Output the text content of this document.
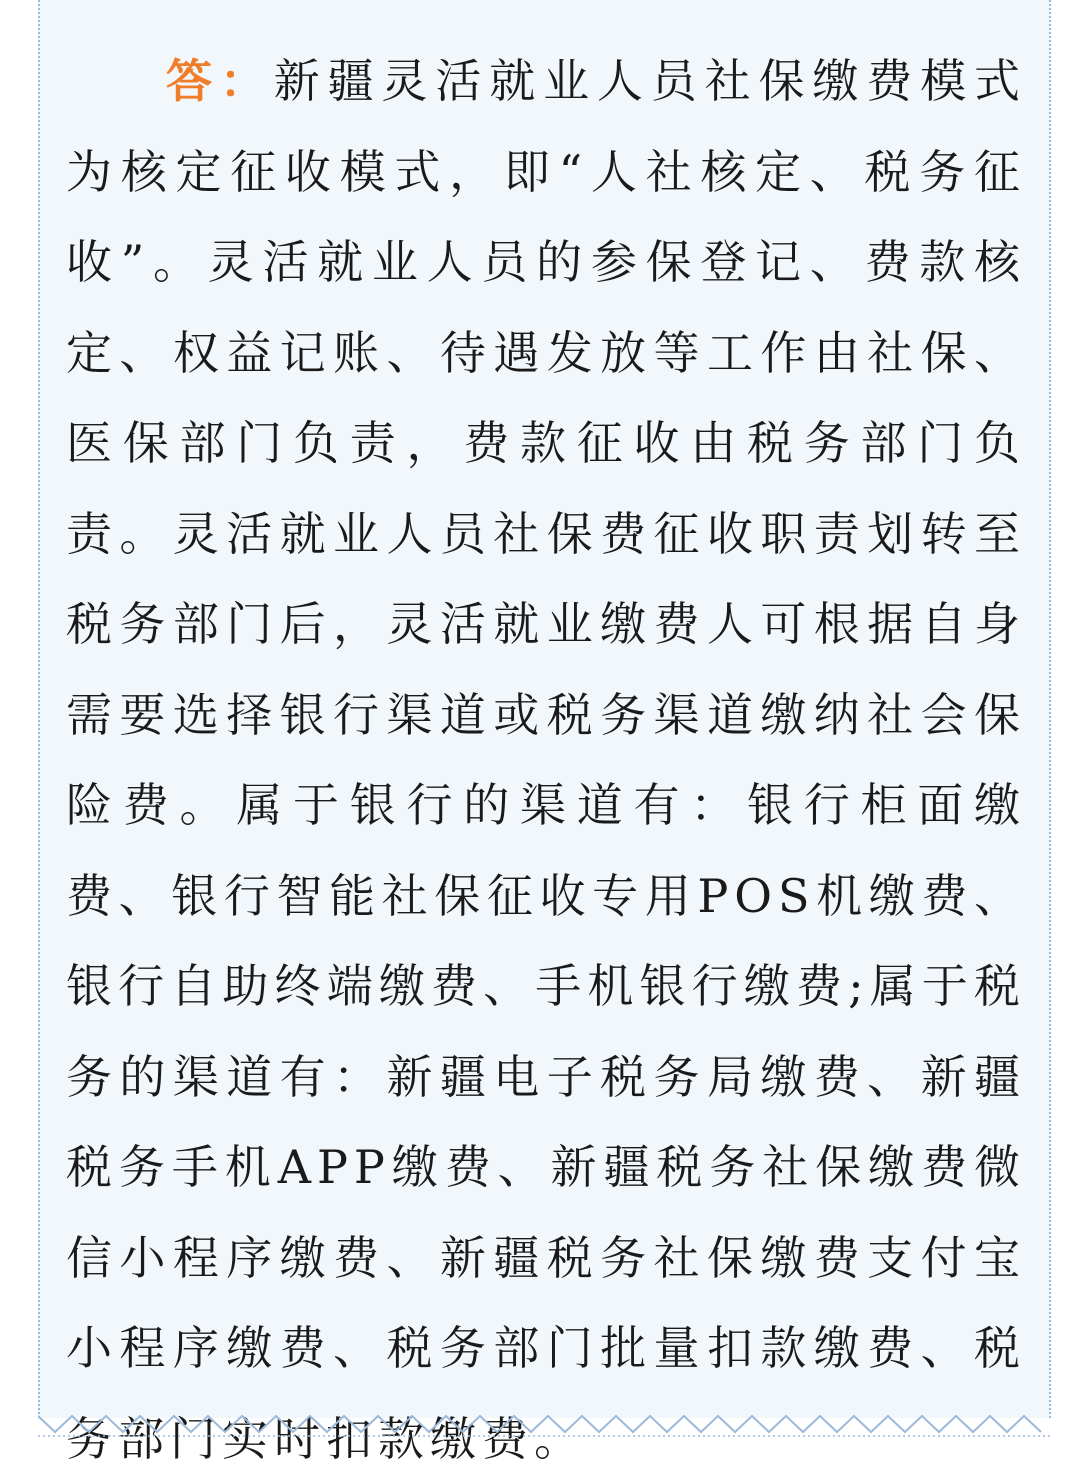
答：新疆灵活就业人员社保缴费模式为核定征收模式，即“人社核定、税务征收”。灵活就业人员的参保登记、费款核定、权益记账、待遇发放等工作由社保、医保部门负责，费款征收由税务部门负责。灵活就业人员社保费征收职责划转至税务部门后，灵活就业缴费人可根据自身需要选择银行渠道或税务渠道缴纳社会保险费。属于银行的渠道有：银行柜面缴费、银行智能社保征收专用POS机缴费、银行自助终端缴费、手机银行缴费;属于税务的渠道有：新疆电子税务局缴费、新疆税务手机APP缴费、新疆税务社保缴费微信小程序缴费、新疆税务社保缴费支付宝小程序缴费、税务部门批量扣款缴费、税务部门实时扣款缴费。
